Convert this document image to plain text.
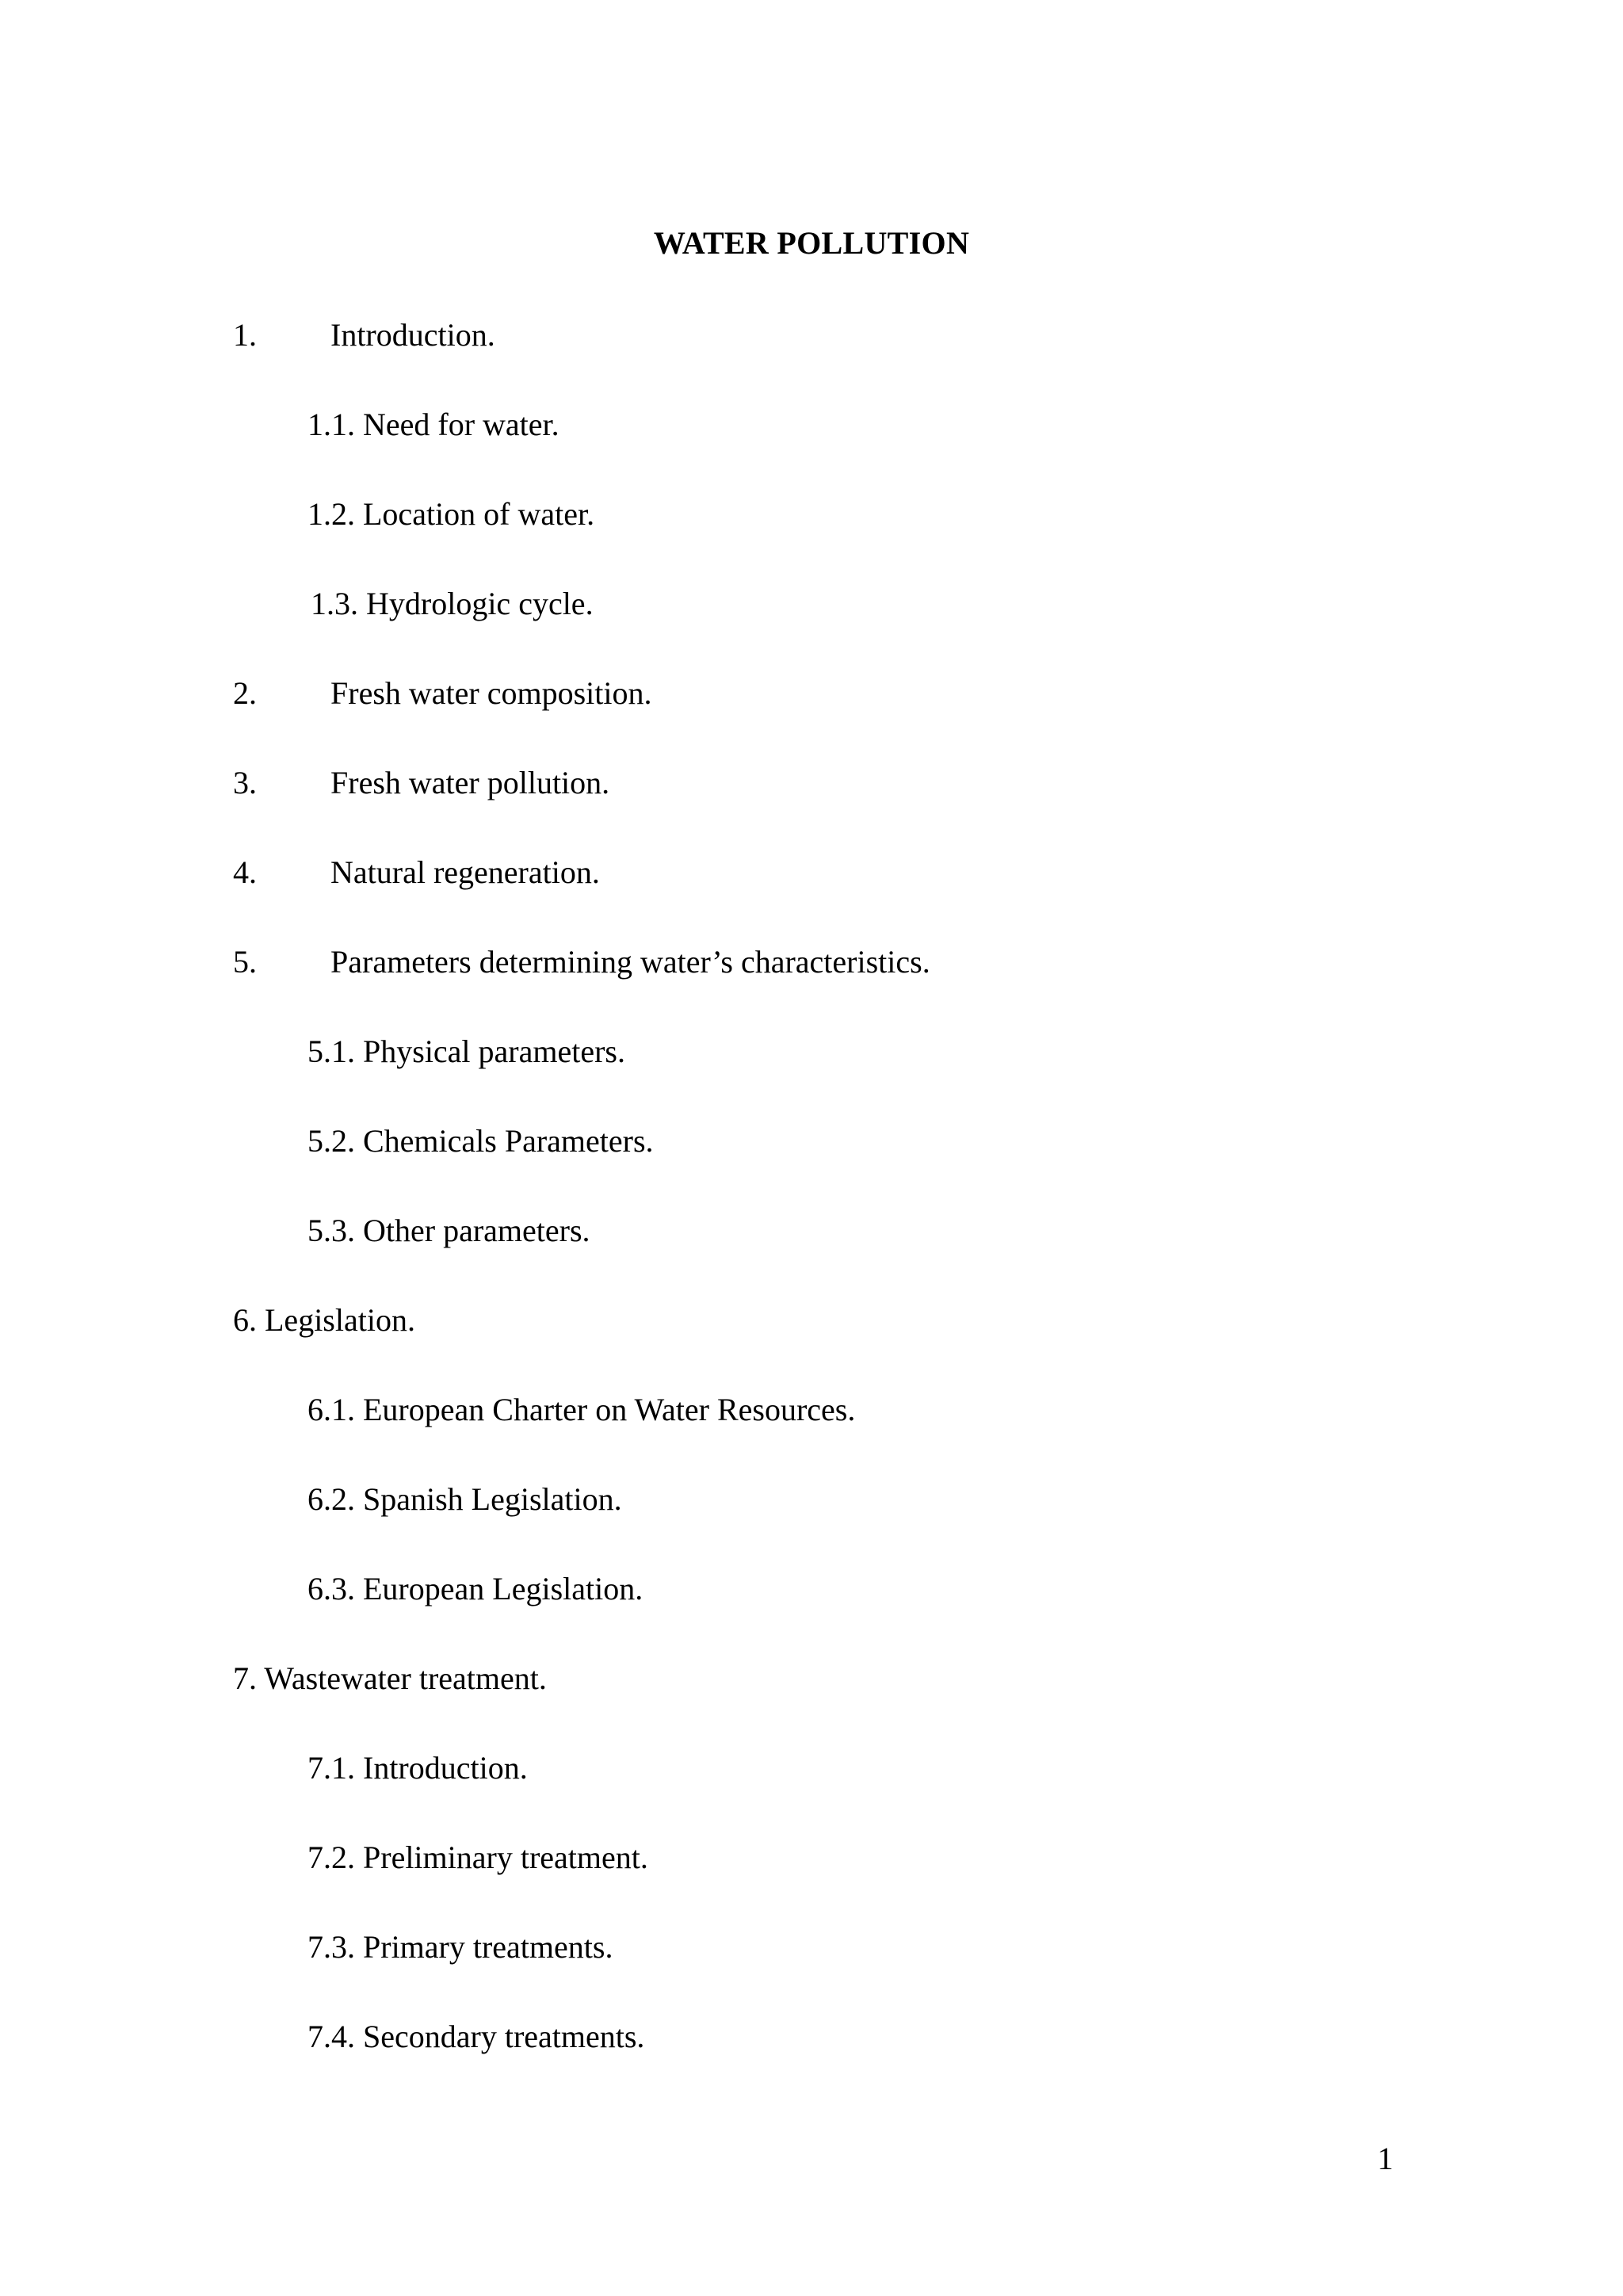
WATER POLLUTION
1. Introduction.
1.1. Need for water.
1.2. Location of water.
1.3. Hydrologic cycle.
2. Fresh water composition.
3. Fresh water pollution.
4. Natural regeneration.
5. Parameters determining water’s characteristics.
5.1. Physical parameters.
5.2. Chemicals Parameters.
5.3. Other parameters.
6. Legislation.
6.1. European Charter on Water Resources.
6.2. Spanish Legislation.
6.3. European Legislation.
7. Wastewater treatment.
7.1. Introduction.
7.2. Preliminary treatment.
7.3. Primary treatments.
7.4. Secondary treatments.
1
